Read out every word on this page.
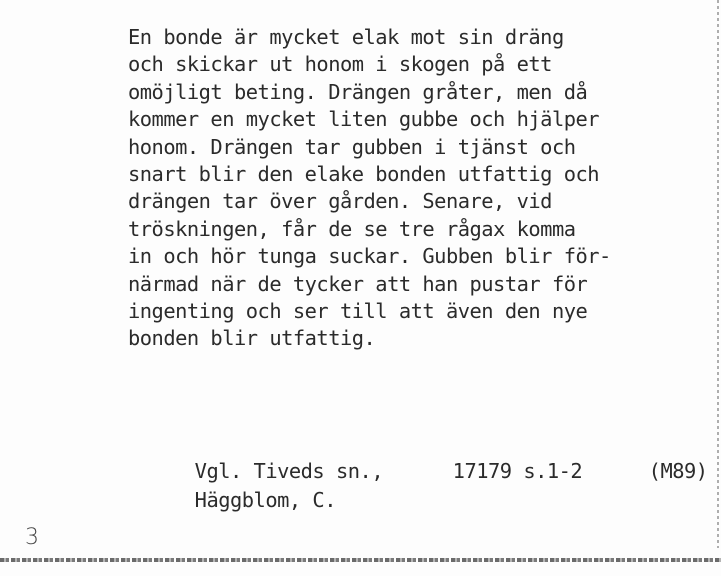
En bonde är mycket elak mot sin dräng
och skickar ut honom i skogen på ett
omöjligt beting. Drängen gråter, men då
kommer en mycket liten gubbe och hjälper
honom. Drängen tar gubben i tjänst och
snart blir den elake bonden utfattig och
drängen tar över gården. Senare, vid
tröskningen, får de se tre rågax komma
in och hör tunga suckar. Gubben blir för-
närmad när de tycker att han pustar för
ingenting och ser till att även den nye
bonden blir utfattig.

Vgl. Tiveds sn.,	17179 s.1-2	(M89)

Häggblom, C.

3
